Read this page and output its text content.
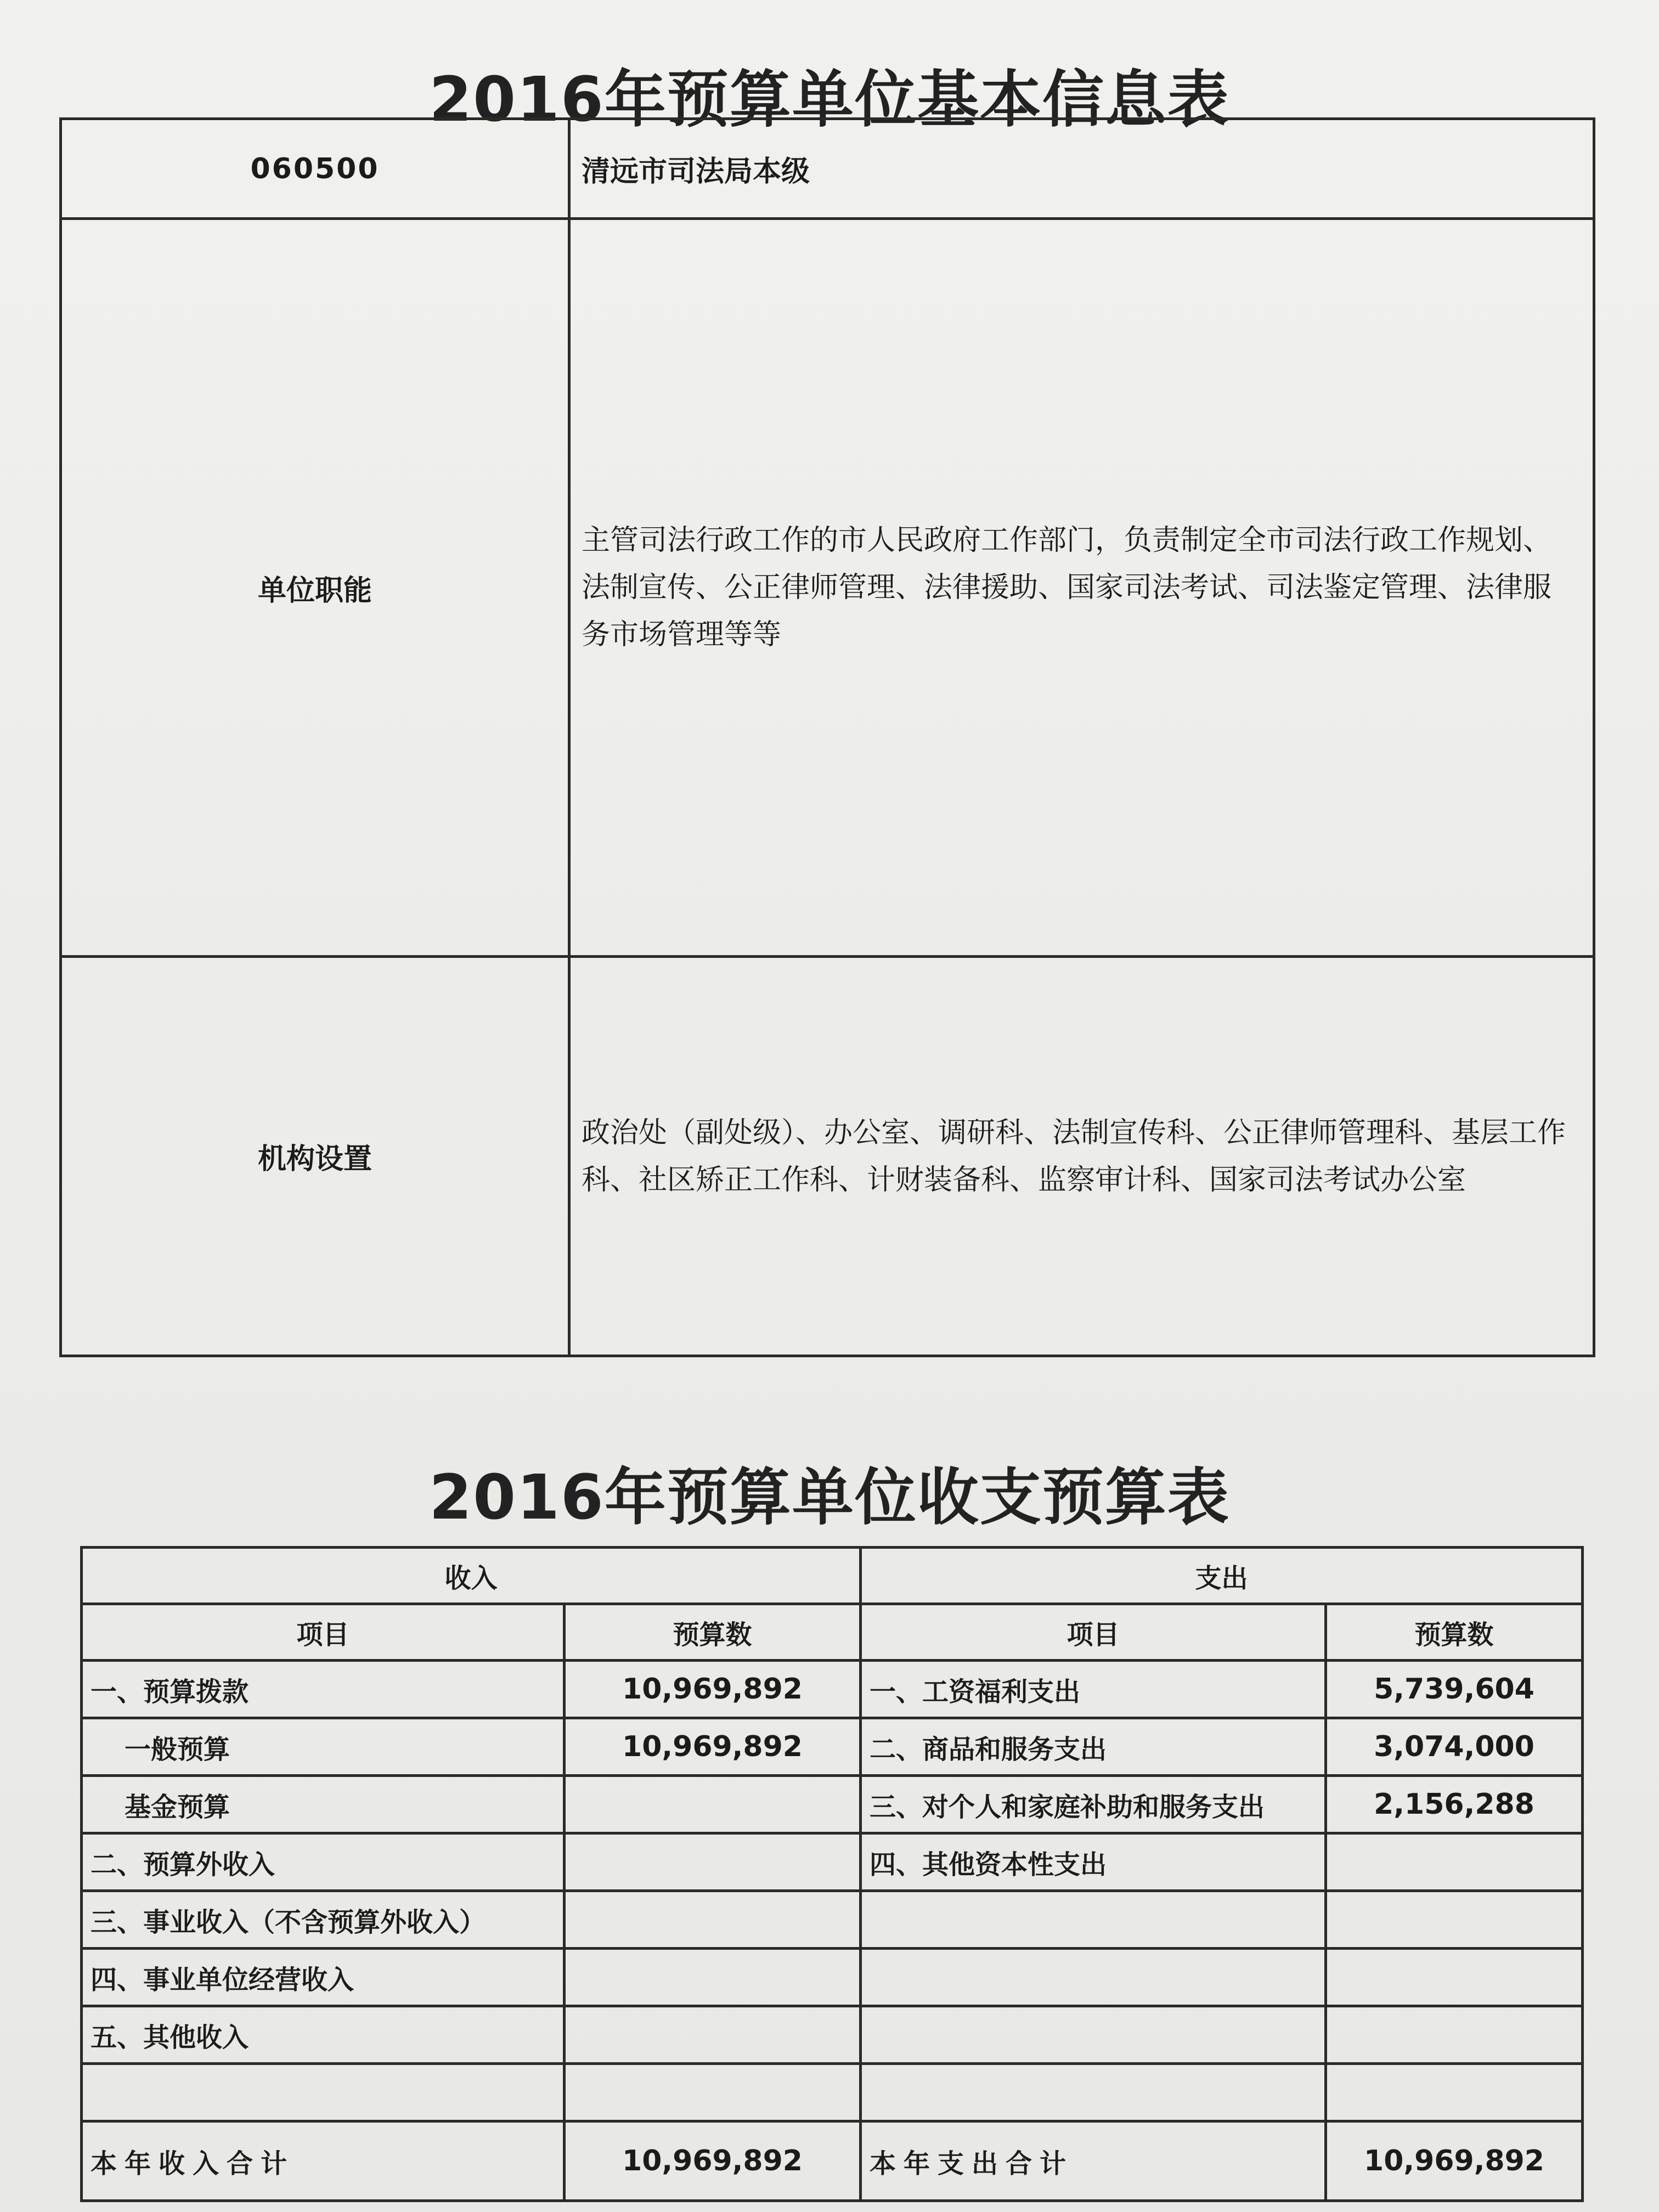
2016年预算单位基本信息表
060500	清远市司法局本级
单位职能	主管司法行政工作的市人民政府工作部门，负责制定全市司法行政工作规划、法制宣传、公正律师管理、法律援助、国家司法考试、司法鉴定管理、法律服务市场管理等等
机构设置	政治处（副处级）、办公室、调研科、法制宣传科、公正律师管理科、基层工作科、社区矫正工作科、计财装备科、监察审计科、国家司法考试办公室
2016年预算单位收支预算表
收入		支出	
项目	预算数	项目	预算数
一、预算拨款	10,969,892	一、工资福利支出	5,739,604
一般预算	10,969,892	二、商品和服务支出	3,074,000
基金预算		三、对个人和家庭补助和服务支出	2,156,288
二、预算外收入		四、其他资本性支出	
三、事业收入（不含预算外收入）			
四、事业单位经营收入			
五、其他收入			

本年收入合计	10,969,892	本年支出合计	10,969,892
